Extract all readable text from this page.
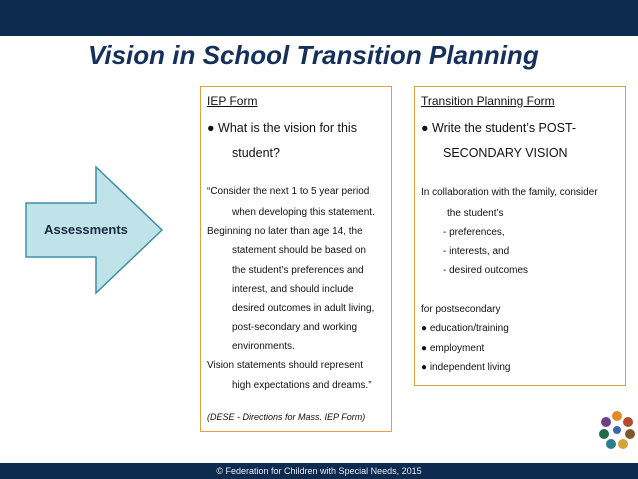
Vision in School Transition Planning
Assessments
IEP Form
● What is the vision for this
student?
“Consider the next 1 to 5 year period
when developing this statement.
Beginning no later than age 14, the
statement should be based on
the student’s preferences and
interest, and should include
desired outcomes in adult living,
post-secondary and working
environments.
Vision statements should represent
high expectations and dreams.”
(DESE - Directions for Mass. IEP Form)
Transition Planning Form
● Write the student’s POST-
SECONDARY VISION
In collaboration with the family, consider
the student’s
- preferences,
- interests, and
- desired outcomes
for postsecondary
● education/training
● employment
● independent living
© Federation for Children with Special Needs, 2015
